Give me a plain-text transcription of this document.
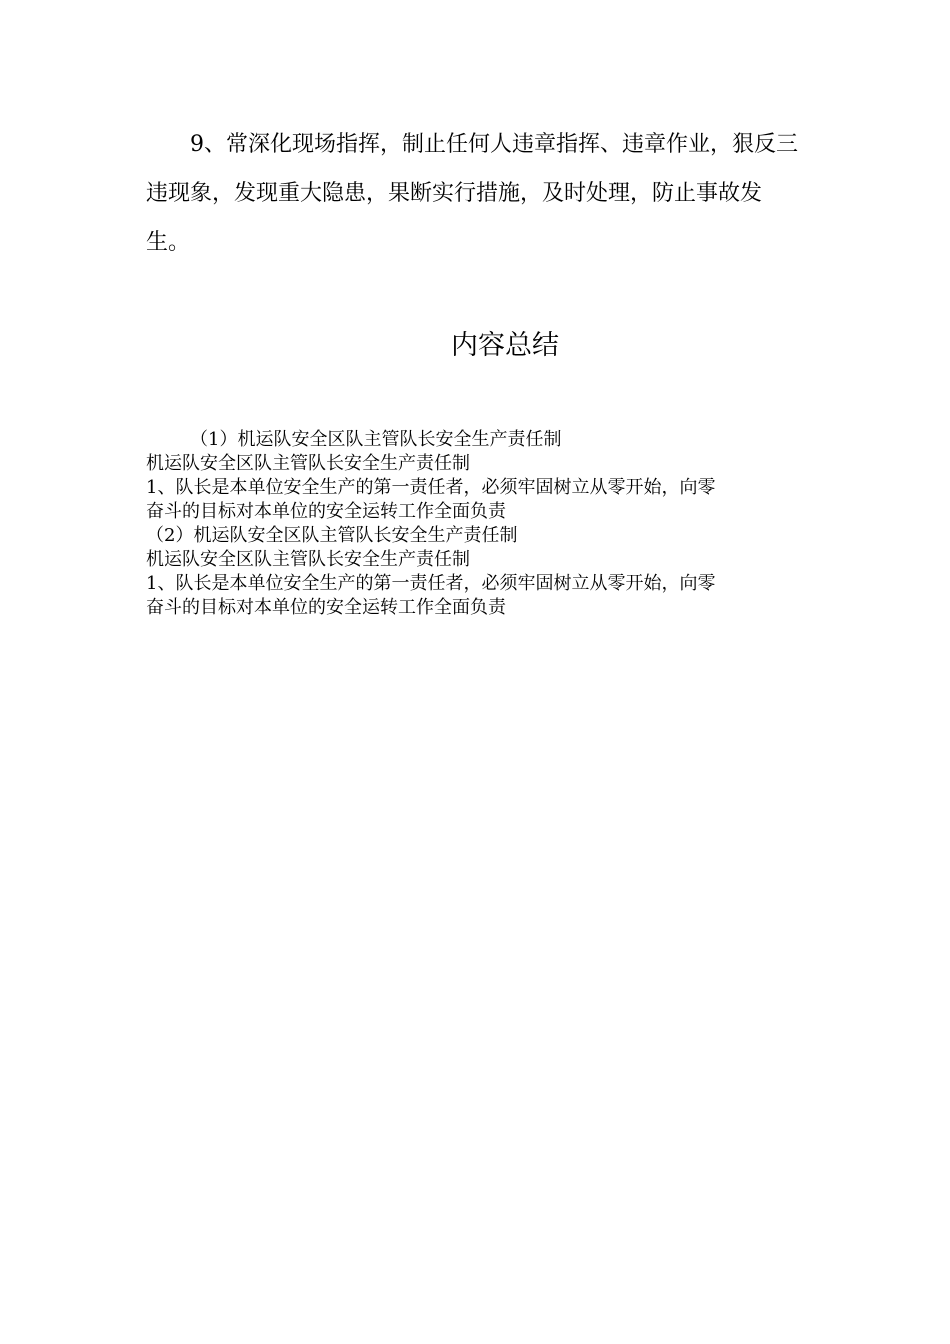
9、常深化现场指挥，制止任何人违章指挥、违章作业，狠反三
违现象，发现重大隐患，果断实行措施，及时处理，防止事故发
生。
内容总结
（1）机运队安全区队主管队长安全生产责任制
机运队安全区队主管队长安全生产责任制
1、队长是本单位安全生产的第一责任者，必须牢固树立从零开始，向零
奋斗的目标对本单位的安全运转工作全面负责
（2）机运队安全区队主管队长安全生产责任制
机运队安全区队主管队长安全生产责任制
1、队长是本单位安全生产的第一责任者，必须牢固树立从零开始，向零
奋斗的目标对本单位的安全运转工作全面负责
